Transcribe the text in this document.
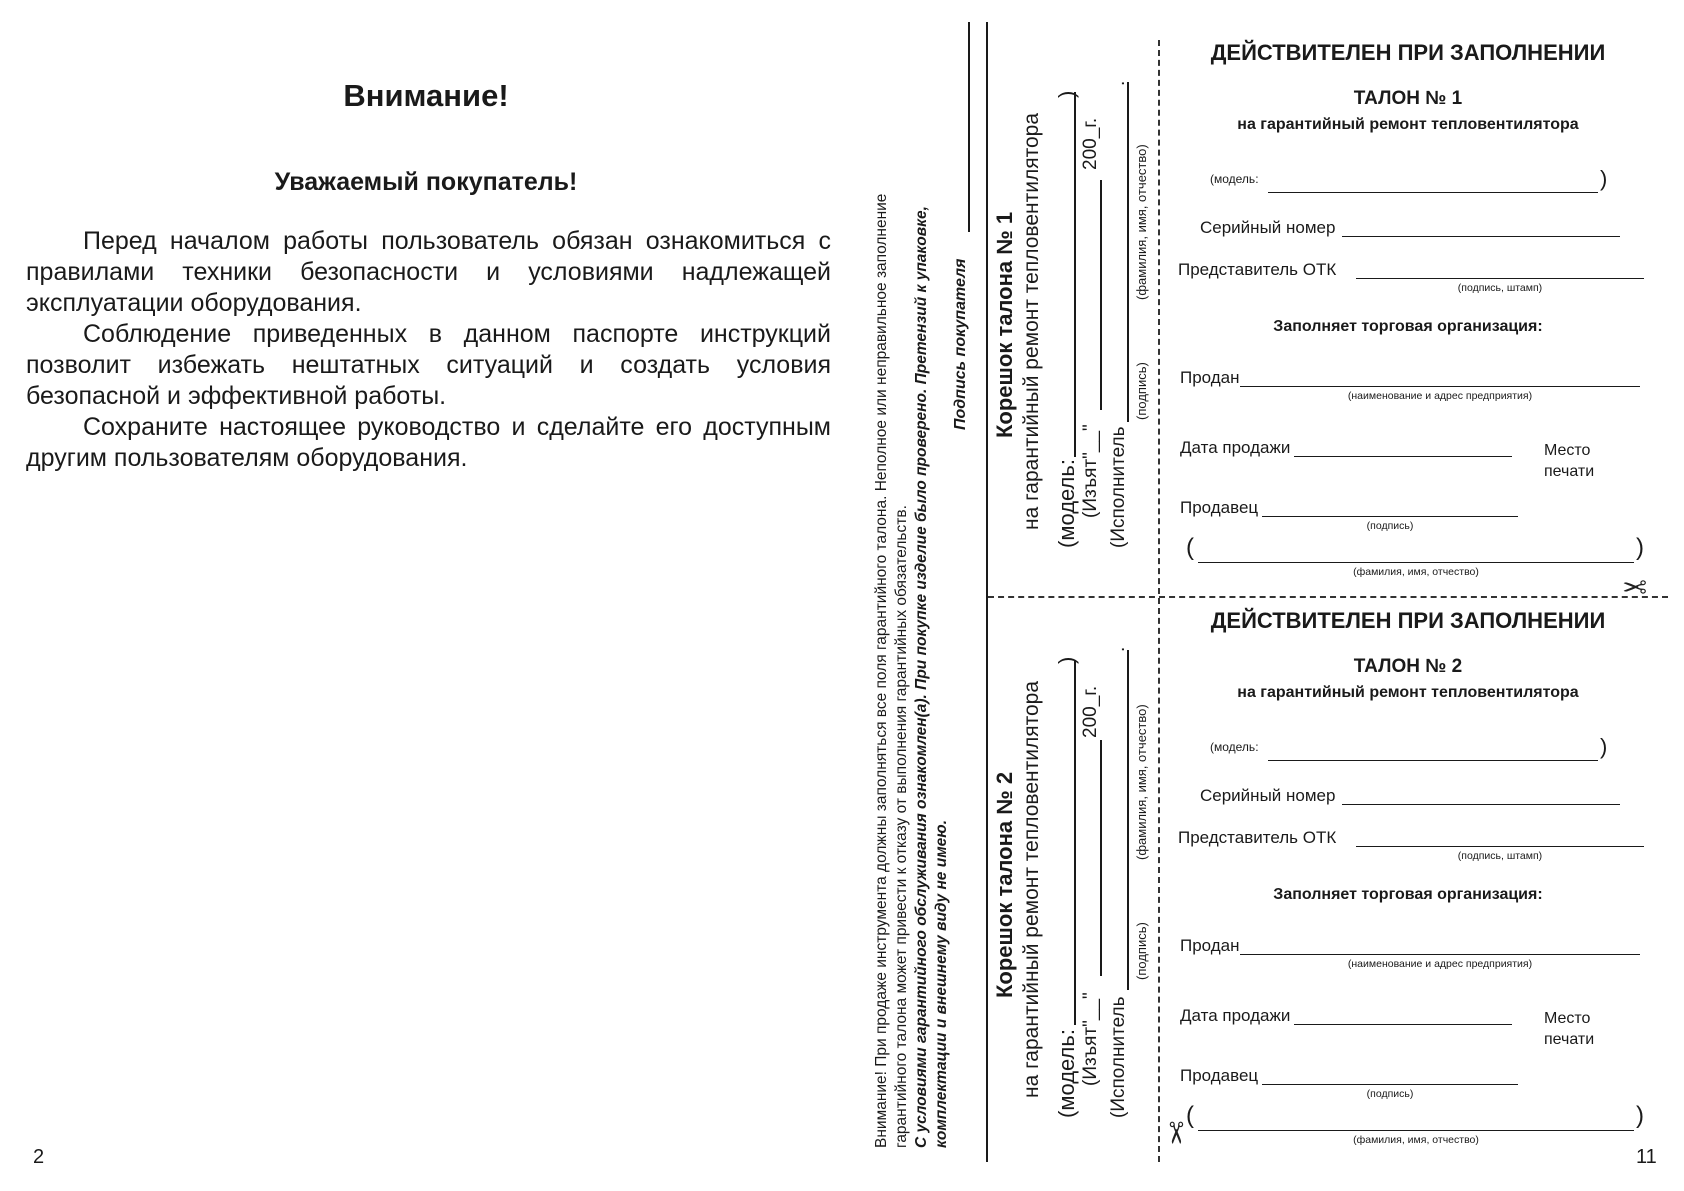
Внимание!
Уважаемый покупатель!

Перед началом работы пользователь обязан ознакомиться с правилами техники безопасности и условиями надлежащей эксплуатации оборудования.

Соблюдение приведенных в данном паспорте инструкций позволит избежать нештатных ситуаций и создать условия безопасной и эффективной работы.

Сохраните настоящее руководство и сделайте его доступным другим пользователям оборудования.

2
Внимание! При продаже инструмента должны заполняться все поля гарантийного талона. Неполное или неправильное заполнение гарантийного талона может привести к отказу от выполнения гарантийных обязательств. С условиями гарантийного обслуживания ознакомлен(а). При покупке изделие было проверено. Претензий к упаковке, комплектации и внешнему виду не имею.
Подпись покупателя Корешок талона № 1 на гарантийный ремонт тепловентилятора (модель:
)
(Изъят"__"
200_г.
(Исполнитель
(подпись)
(фамилия, имя, отчество)
.
Корешок талона № 2 на гарантийный ремонт тепловентилятора (модель:
)
(Изъят"__"
200_г.
(Исполнитель
(подпись)
(фамилия, имя, отчество)
.
ДЕЙСТВИТЕЛЕН ПРИ ЗАПОЛНЕНИИ
ТАЛОН № 1
на гарантийный ремонт тепловентилятора
(модель:	)
Серийный номер
Представитель ОТК
(подпись, штамп)
Заполняет торговая организация:
Продан
(наименование и адрес предприятия)
Дата продажи	Место
печати
Продавец
(подпись)
(	)
(фамилия, имя, отчество)	✂
ДЕЙСТВИТЕЛЕН ПРИ ЗАПОЛНЕНИИ
ТАЛОН № 2
на гарантийный ремонт тепловентилятора
(модель:	)
Серийный номер
Представитель ОТК
(подпись, штамп)
Заполняет торговая организация:
Продан
(наименование и адрес предприятия)
Дата продажи	Место
печати
Продавец
(подпись)
(	)
(фамилия, имя, отчество)
✂
11
